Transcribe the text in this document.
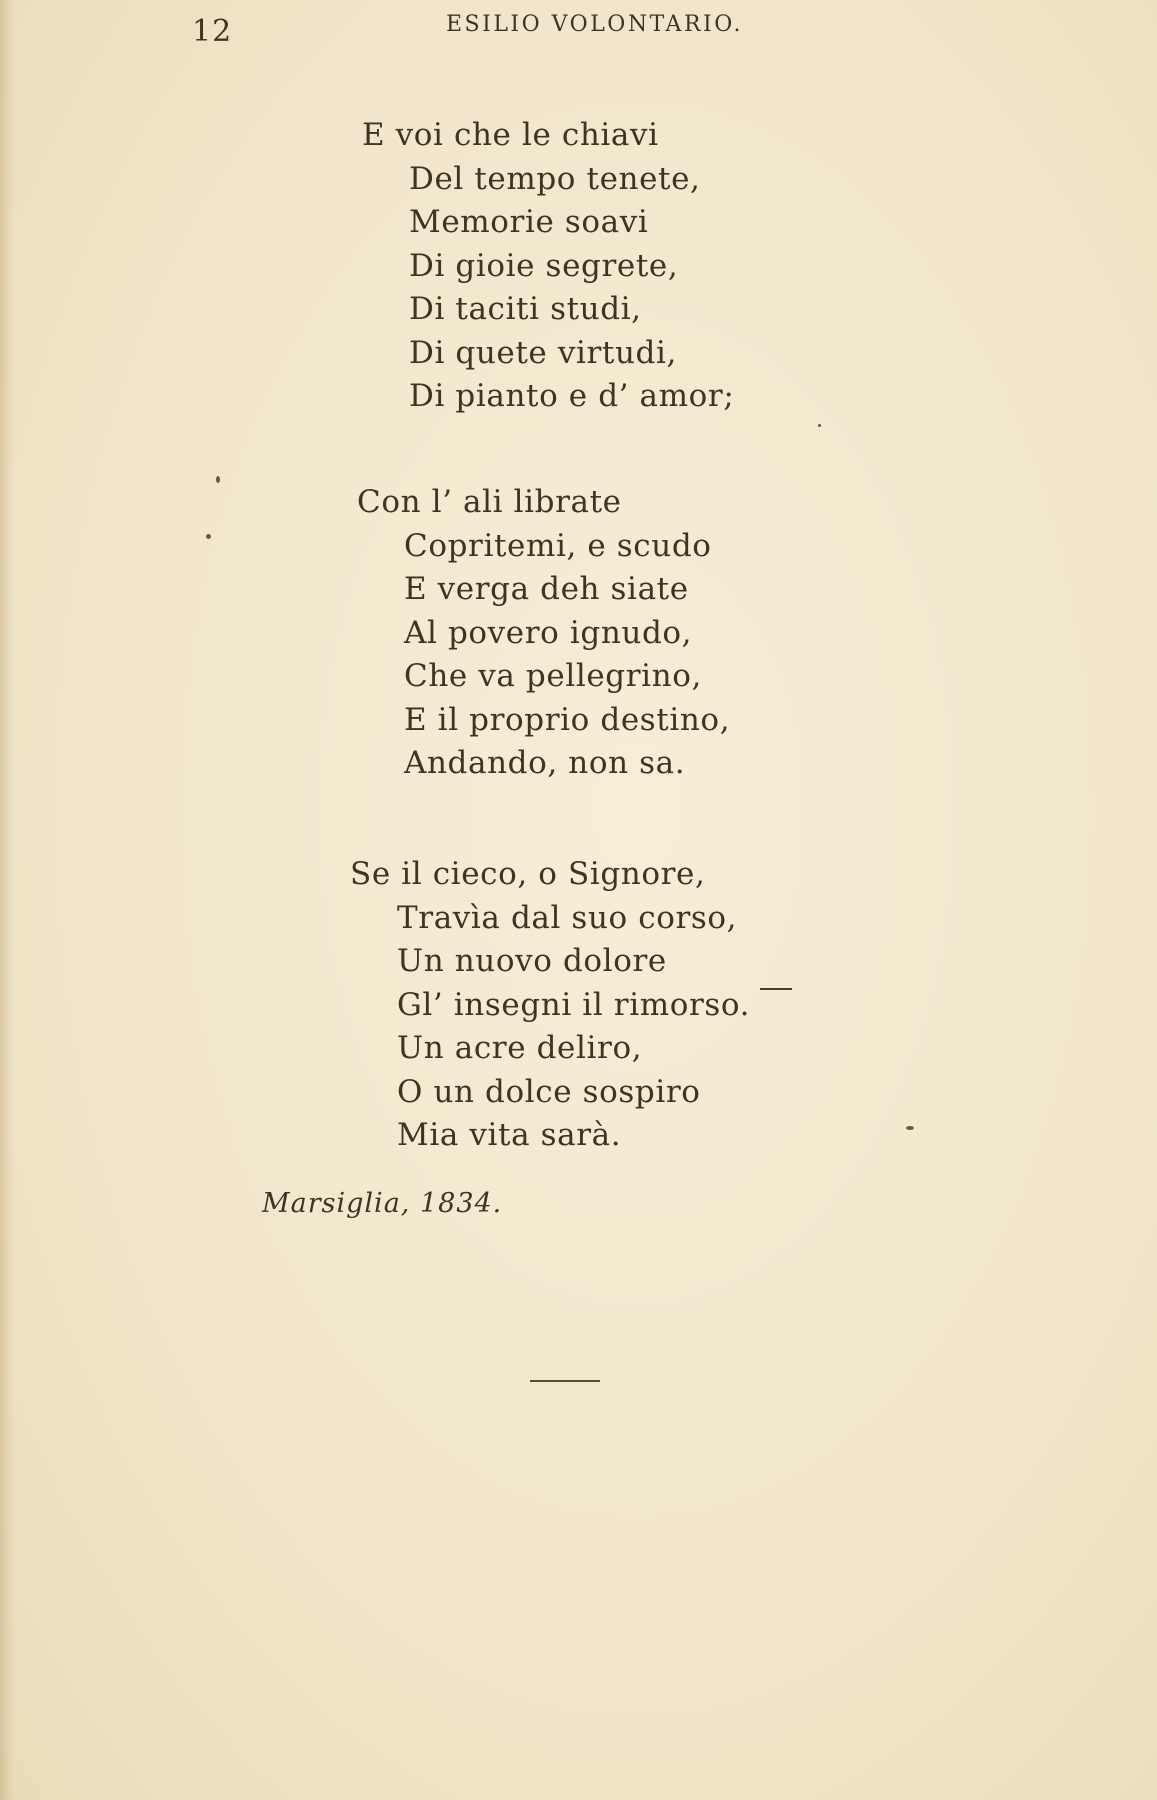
12	ESILIO VOLONTARIO.
E voi che le chiavi
Del tempo tenete,
Memorie soavi
Di gioie segrete,
Di taciti studi,
Di quete virtudi,
Di pianto e d’ amor;
Con l’ ali librate
Copritemi, e scudo
E verga deh siate
Al povero ignudo,
Che va pellegrino,
E il proprio destino,
Andando, non sa.
Se il cieco, o Signore,
Travìa dal suo corso,
Un nuovo dolore
Gl’ insegni il rimorso.
Un acre deliro,
O un dolce sospiro
Mia vita sarà.
Marsiglia, 1834.
